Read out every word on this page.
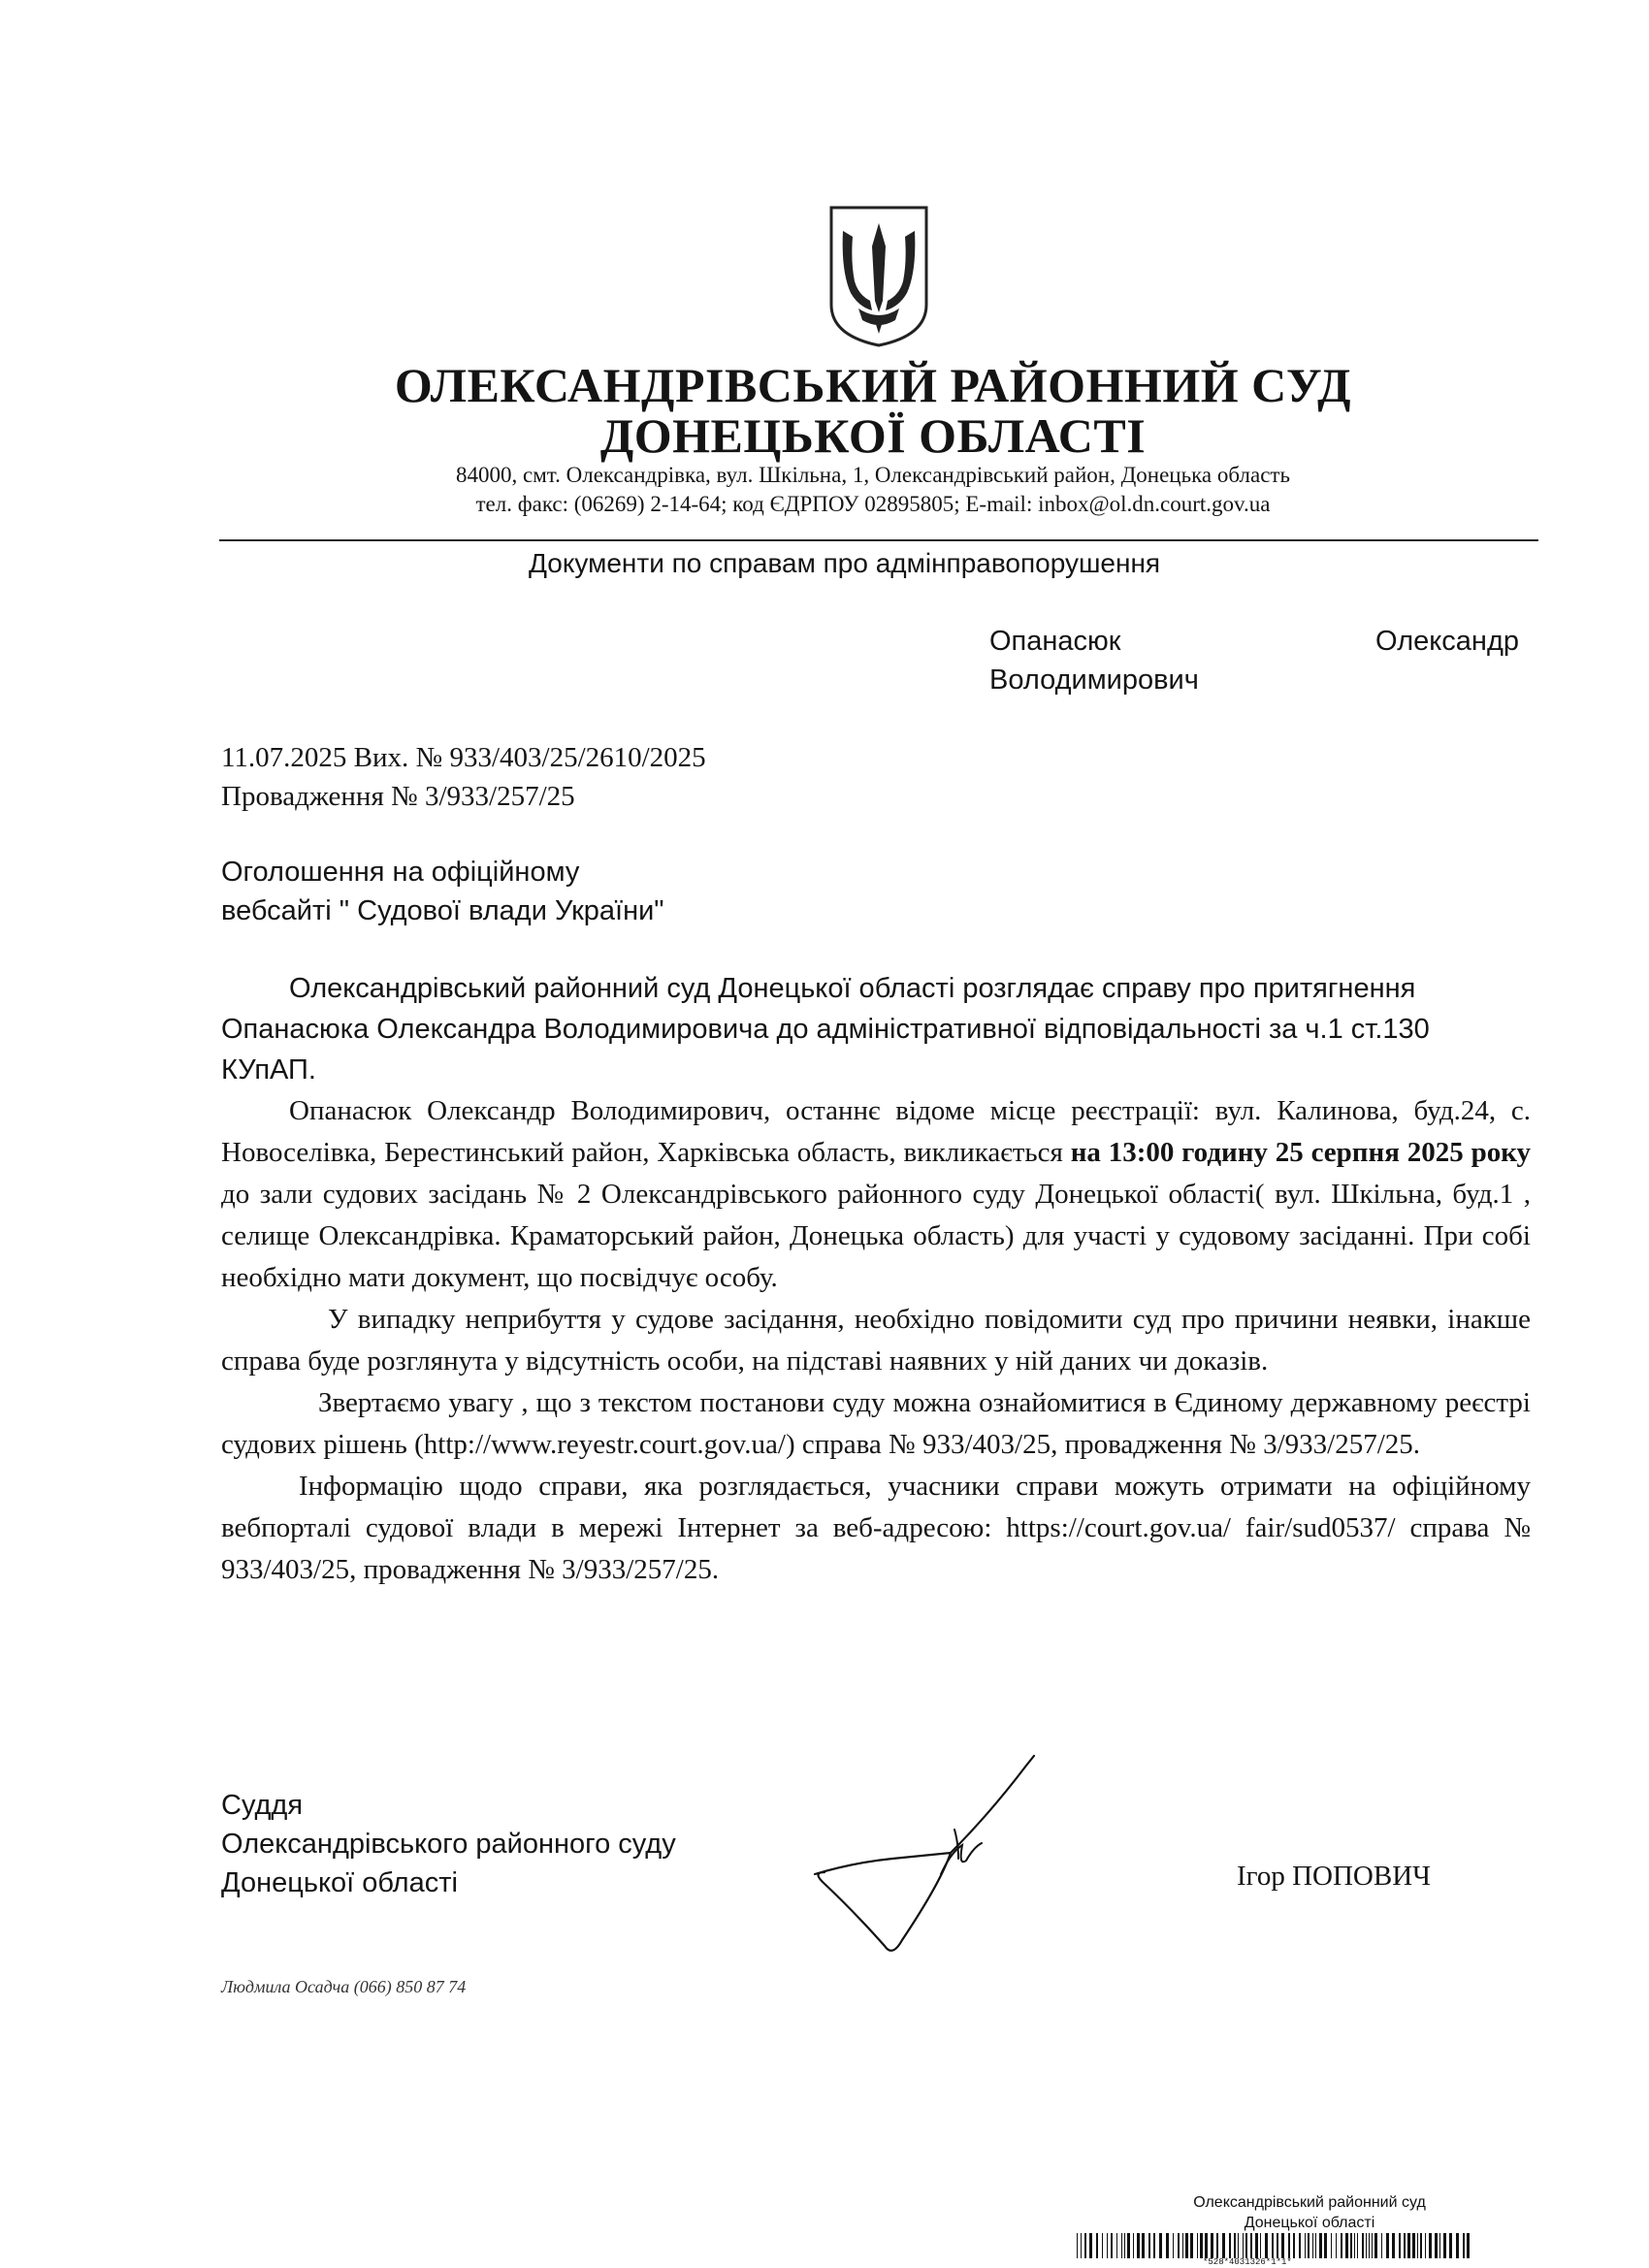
ОЛЕКСАНДРІВСЬКИЙ РАЙОННИЙ СУД
ДОНЕЦЬКОЇ ОБЛАСТІ
84000, смт. Олександрівка, вул. Шкільна, 1, Олександрівський район, Донецька область
тел. факс: (06269) 2-14-64; код ЄДРПОУ 02895805; E-mail: inbox@ol.dn.court.gov.ua
Документи по справам про адмінправопорушення
Опанасюк	Олександр
Володимирович
11.07.2025 Вих. № 933/403/25/2610/2025
Провадження № 3/933/257/25
Оголошення на офіційному
вебсайті " Судової влади України"

Олександрівський районний суд Донецької області розглядає справу про притягнення Опанасюка Олександра Володимировича до адміністративної відповідальності за ч.1 ст.130 КУпАП.

Опанасюк Олександр Володимирович, останнє відоме місце реєстрації: вул. Калинова, буд.24, с. Новоселівка, Берестинський район, Харківська область, викликається на 13:00 годину 25 серпня 2025 року до зали судових засідань № 2 Олександрівського районного суду Донецької області( вул. Шкільна, буд.1 , селище Олександрівка. Краматорський район, Донецька область) для участі у судовому засіданні. При собі необхідно мати документ, що посвідчує особу.

У випадку неприбуття у судове засідання, необхідно повідомити суд про причини неявки, інакше справа буде розглянута у відсутність особи, на підставі наявних у ній даних чи доказів.

Звертаємо увагу , що з текстом постанови суду можна ознайомитися в Єдиному державному реєстрі судових рішень (http://www.reyestr.court.gov.ua/) справа № 933/403/25, провадження № 3/933/257/25.

Інформацію щодо справи, яка розглядається, учасники справи можуть отримати на офіційному вебпорталі судової влади в мережі Інтернет за веб-адресою: https://court.gov.ua/ fair/sud0537/ справа № 933/403/25, провадження № 3/933/257/25.

Суддя
Олександрівського районного суду
Донецької області	Ігор ПОПОВИЧ
Людмила Осадча (066) 850 87 74
Олександрівський районний суд
Донецької області
*528*4031326*1*1*
